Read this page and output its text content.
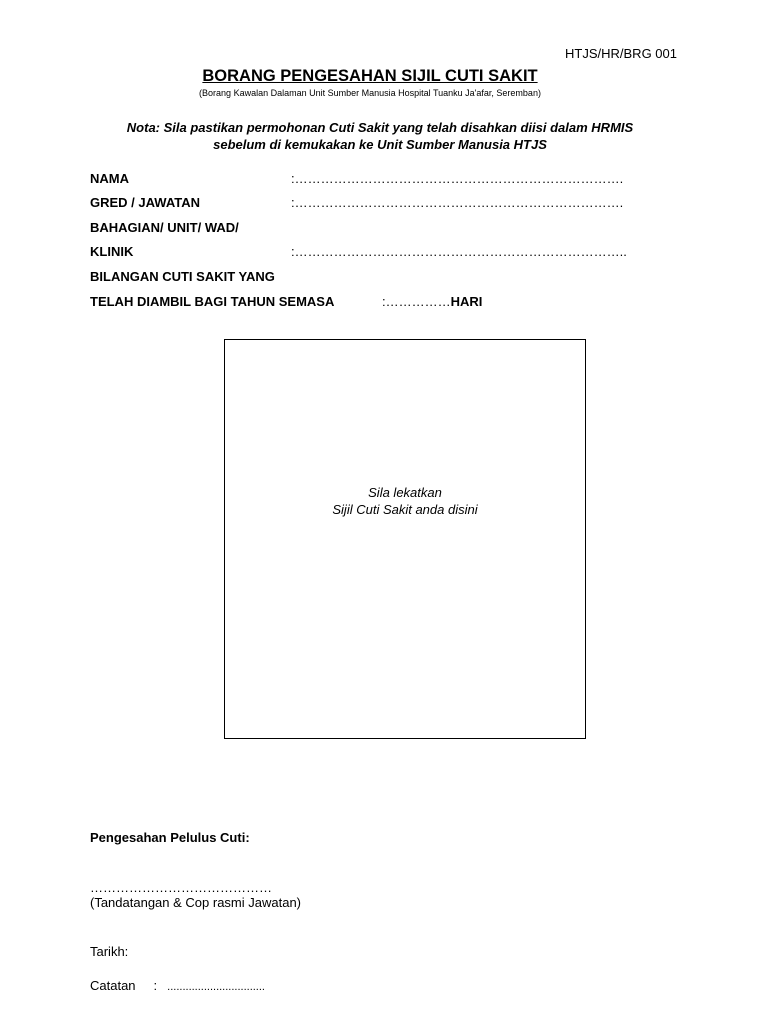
HTJS/HR/BRG 001
BORANG PENGESAHAN SIJIL CUTI SAKIT
(Borang Kawalan Dalaman Unit Sumber Manusia Hospital Tuanku Ja'afar, Seremban)
Nota: Sila pastikan permohonan Cuti Sakit yang telah disahkan diisi dalam HRMIS
sebelum di kemukakan ke Unit Sumber Manusia HTJS
NAMA	:………………………………………………………………….
GRED / JAWATAN	:………………………………………………………………….
BAHAGIAN/ UNIT/ WAD/
KLINIK	:…………………………………………………………………..
BILANGAN CUTI SAKIT YANG
TELAH DIAMBIL BAGI TAHUN SEMASA	:……………HARI
Sila lekatkan
Sijil Cuti Sakit anda disini
Pengesahan Pelulus Cuti:
……………………………………
(Tandatangan & Cop rasmi Jawatan)
Tarikh:
Catatan : ................................
